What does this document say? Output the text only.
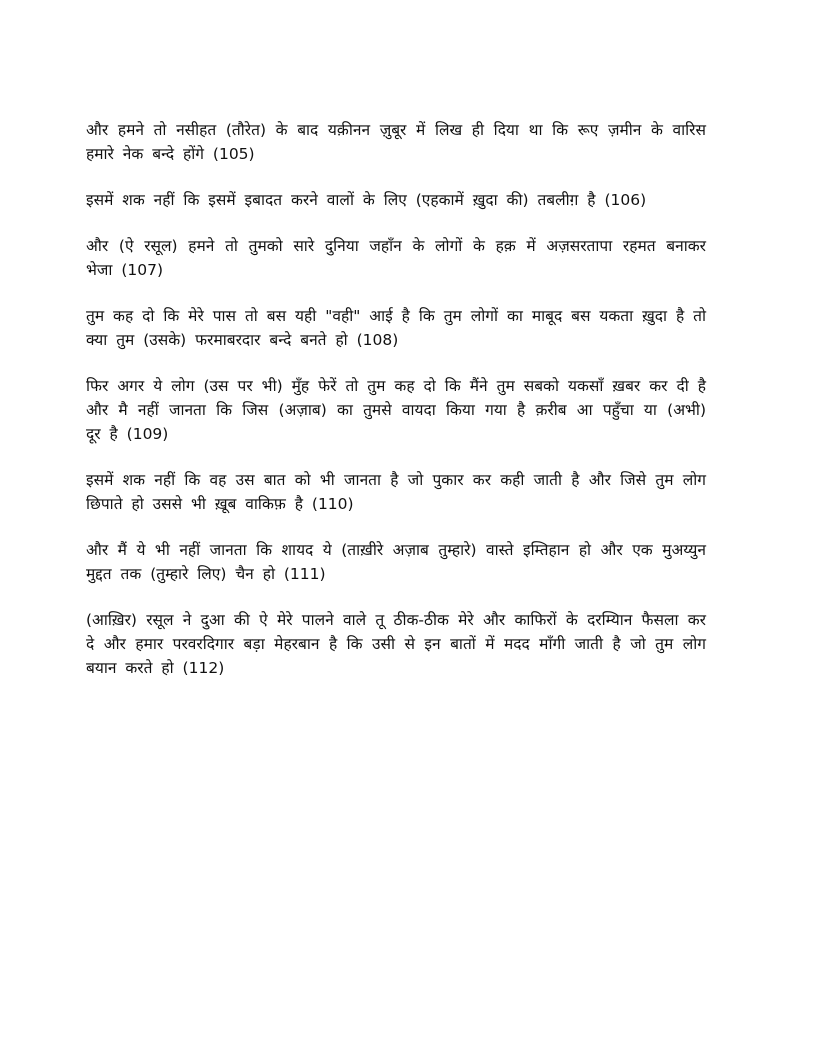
और हमने तो नसीहत (तौरेत) के बाद यक़ीनन ज़ुबूर में लिख ही दिया था कि रूए ज़मीन के वारिस हमारे नेक बन्दे होंगे (105)

इसमें शक नहीं कि इसमें इबादत करने वालों के लिए (एहकामें ख़ुदा की) तबलीग़ है (106)

और (ऐ रसूल) हमने तो तुमको सारे दुनिया जहाँन के लोगों के हक़ में अज़सरतापा रहमत बनाकर भेजा (107)

तुम कह दो कि मेरे पास तो बस यही "वही" आई है कि तुम लोगों का माबूद बस यकता ख़ुदा है तो क्या तुम (उसके) फरमाबरदार बन्दे बनते हो (108)

फिर अगर ये लोग (उस पर भी) मुँह फेरें तो तुम कह दो कि मैंने तुम सबको यकसाँ ख़बर कर दी है और मै नहीं जानता कि जिस (अज़ाब) का तुमसे वायदा किया गया है क़रीब आ पहुँचा या (अभी) दूर है (109)

इसमें शक नहीं कि वह उस बात को भी जानता है जो पुकार कर कही जाती है और जिसे तुम लोग छिपाते हो उससे भी ख़ूब वाकिफ़ है (110)

और मैं ये भी नहीं जानता कि शायद ये (ताख़ीरे अज़ाब तुम्हारे) वास्ते इम्तिहान हो और एक मुअय्युन मुद्दत तक (तुम्हारे लिए) चैन हो (111)

(आख़िर) रसूल ने दुआ की ऐ मेरे पालने वाले तू ठीक-ठीक मेरे और काफिरों के दरम्यिान फैसला कर दे और हमार परवरदिगार बड़ा मेहरबान है कि उसी से इन बातों में मदद माँगी जाती है जो तुम लोग बयान करते हो (112)
